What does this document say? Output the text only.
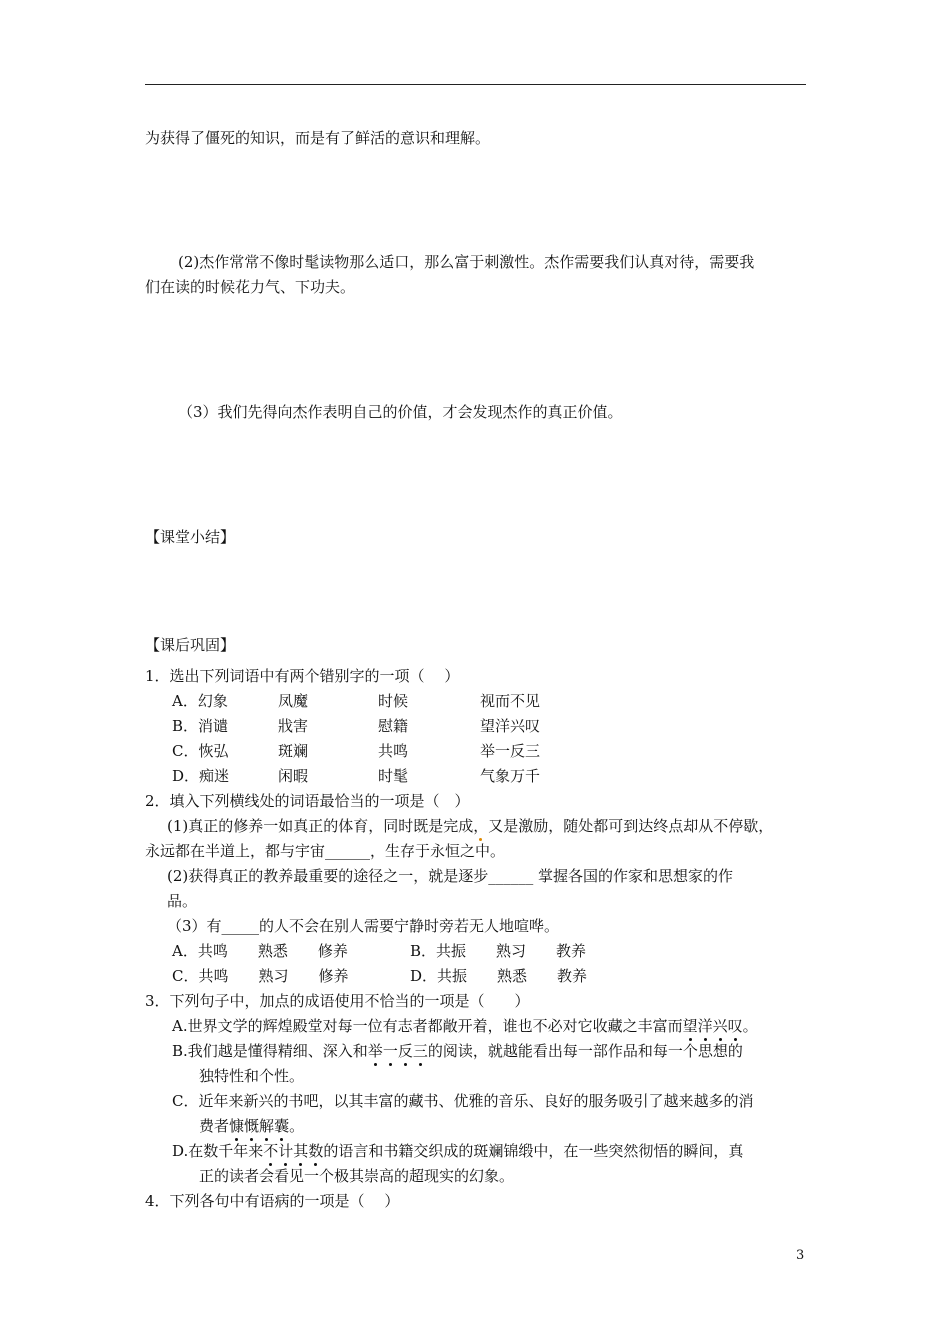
为获得了僵死的知识，而是有了鲜活的意识和理解。
(2)杰作常常不像时髦读物那么适口，那么富于刺激性。杰作需要我们认真对待，需要我
们在读的时候花力气、下功夫。
（3）我们先得向杰作表明自己的价值，才会发现杰作的真正价值。
【课堂小结】
【课后巩固】
1．选出下列词语中有两个错别字的一项（　 ）
A．幻象	凤魔	时候	视而不见
B．消谴	戕害	慰籍	望洋兴叹
C．恢弘	斑斓	共鸣	举一反三
D．痴迷	闲暇	时髦	气象万千
2．填入下列横线处的词语最恰当的一项是（　）
(1)真正的修养一如真正的体育，同时既是完成，又是激励，随处都可到达终点却从不停歇，
永远都在半道上，都与宇宙______，生存于永恒之中。
(2)获得真正的教养最重要的途径之一，就是逐步______ 掌握各国的作家和思想家的作
品。
（3）有_____的人不会在别人需要宁静时旁若无人地喧哗。
A．共鸣　　熟悉　　修养	B．共振　　熟习　　教养
C．共鸣　　熟习　　修养	D．共振　　熟悉　　教养
3．下列句子中，加点的成语使用不恰当的一项是（　　）
A.世界文学的辉煌殿堂对每一位有志者都敞开着，谁也不必对它收藏之丰富而望洋兴叹。
B.我们越是懂得精细、深入和举一反三的阅读，就越能看出每一部作品和每一个思想的
独特性和个性。
C．近年来新兴的书吧，以其丰富的藏书、优雅的音乐、良好的服务吸引了越来越多的消
费者慷慨解囊。
D.在数千年来不计其数的语言和书籍交织成的斑斓锦缎中，在一些突然彻悟的瞬间，真
正的读者会看见一个极其崇高的超现实的幻象。
4．下列各句中有语病的一项是（　 ）
3
